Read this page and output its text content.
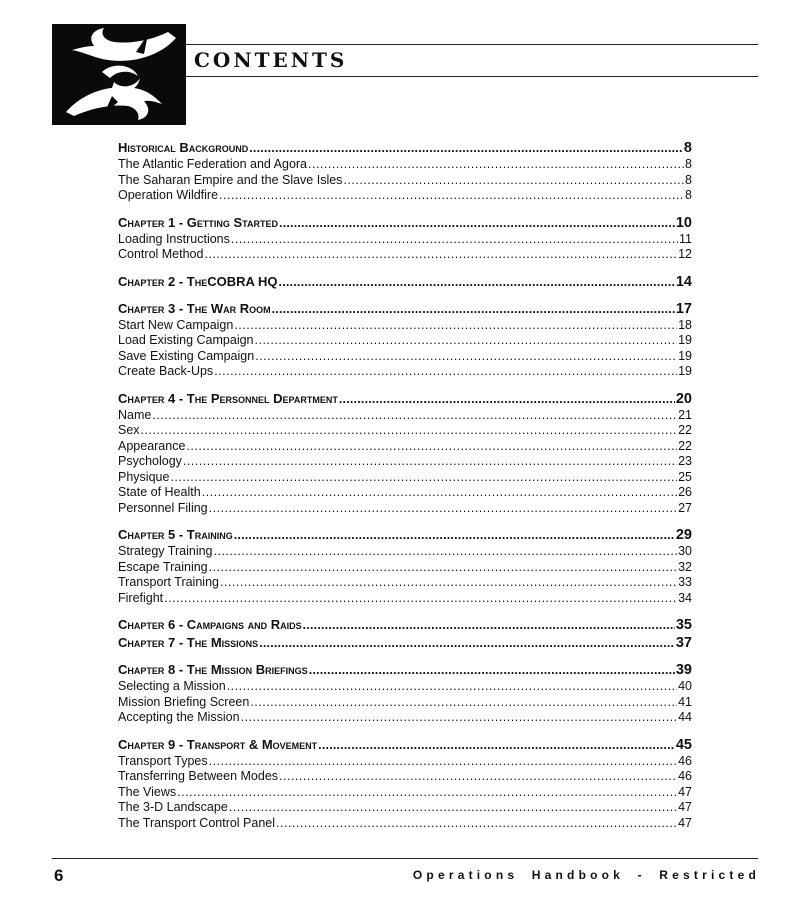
CONTENTS
Historical Background .....	8
The Atlantic Federation and Agora .....	8
The Saharan Empire and the Slave Isles .....	8
Operation Wildfire .....	8
Chapter 1 - Getting Started .....	10
Loading Instructions .....	11
Control Method .....	12
Chapter 2 - The COBRA HQ .....	14
Chapter 3 - The War Room .....	17
Start New Campaign .....	18
Load Existing Campaign .....	19
Save Existing Campaign .....	19
Create Back-Ups .....	19
Chapter 4 - The Personnel Department .....	20
Name .....	21
Sex .....	22
Appearance .....	22
Psychology .....	23
Physique .....	25
State of Health .....	26
Personnel Filing .....	27
Chapter 5 - Training .....	29
Strategy Training .....	30
Escape Training .....	32
Transport Training .....	33
Firefight .....	34
Chapter 6 - Campaigns and Raids .....	35
Chapter 7 - The Missions .....	37
Chapter 8 - The Mission Briefings .....	39
Selecting a Mission .....	40
Mission Briefing Screen .....	41
Accepting the Mission .....	44
Chapter 9 - Transport & Movement .....	45
Transport Types .....	46
Transferring Between Modes .....	46
The Views .....	47
The 3-D Landscape .....	47
The Transport Control Panel .....	47
6	Operations Handbook - Restricted
